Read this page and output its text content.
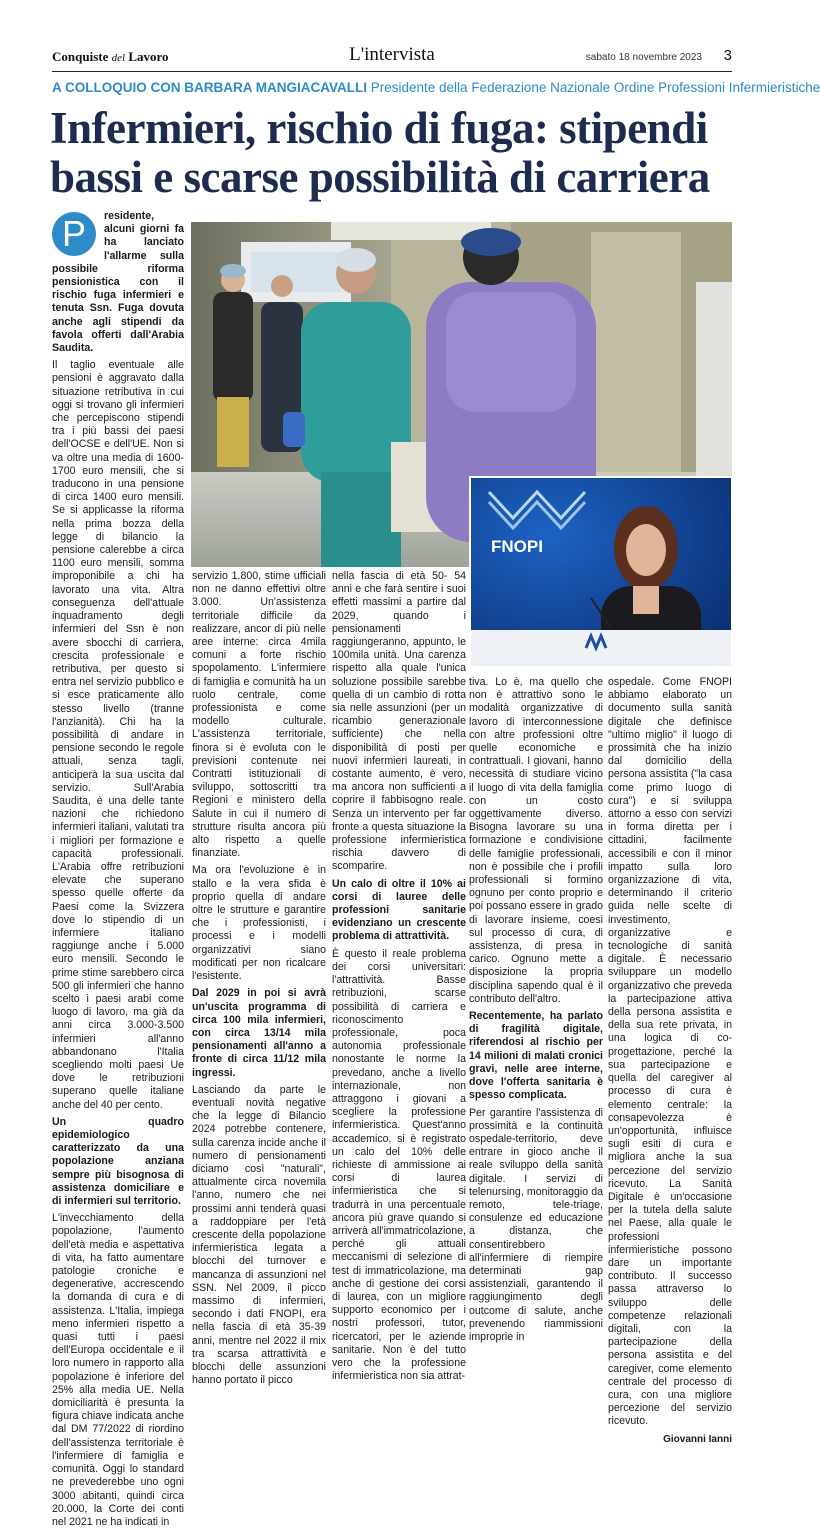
Conquiste del Lavoro	L'intervista	sabato 18 novembre 2023 3
A COLLOQUIO CON BARBARA MANGIACAVALLI Presidente della Federazione Nazionale Ordine Professioni Infermieristiche
Infermieri, rischio di fuga: stipendi
bassi e scarse possibilità di carriera
FNOPI
P	residente, alcuni giorni fa ha lanciato l'allarme sulla possibile riforma pensionistica con il rischio fuga infermieri e tenuta Ssn. Fuga dovuta anche agli stipendi da favola offerti dall'Arabia Saudita.

Il taglio eventuale alle pensioni è aggravato dalla situazione retributiva in cui oggi si trovano gli infermieri che percepiscono stipendi tra i più bassi dei paesi dell'OCSE e dell'UE. Non si va oltre una media di 1600-1700 euro mensili, che si traducono in una pensione di circa 1400 euro mensili. Se si applicasse la riforma nella prima bozza della legge di bilancio la pensione calerebbe a circa 1100 euro mensili, somma improponibile a chi ha lavorato una vita. Altra conseguenza dell'attuale inquadramento degli infermieri del Ssn è non avere sbocchi di carriera, crescita professionale e retributiva, per questo si entra nel servizio pubblico e si esce praticamente allo stesso livello (tranne l'anzianità). Chi ha la possibilità di andare in pensione secondo le regole attuali, senza tagli, anticiperà la sua uscita dal servizio. Sull'Arabia Saudita, è una delle tante nazioni che richiedono infermieri italiani, valutati tra i migliori per formazione e capacità professionali. L'Arabia offre retribuzioni elevate che superano spesso quelle offerte da Paesi come la Svizzera dove lo stipendio di un infermiere italiano raggiunge anche i 5.000 euro mensili. Secondo le prime stime sarebbero circa 500 gli infermieri che hanno scelto i paesi arabi come luogo di lavoro, ma già da anni circa 3.000-3.500 infermieri all'anno abbandonano l'Italia scegliendo molti paesi Ue dove le retribuzioni superano quelle italiane anche del 40 per cento.

Un quadro epidemiologico caratterizzato da una popolazione anziana sempre più bisognosa di assistenza domiciliare e di infermieri sul territorio.

L'invecchiamento della popolazione, l'aumento dell'età media e aspettativa di vita, ha fatto aumentare patologie croniche e degenerative, accrescendo la domanda di cura e di assistenza. L'Italia, impiega meno infermieri rispetto a quasi tutti i paesi dell'Europa occidentale e il loro numero in rapporto alla popolazione è inferiore del 25% alla media UE. Nella domiciliarità è presunta la figura chiave indicata anche dal DM 77/2022 di riordino dell'assistenza territoriale è l'infermiere di famiglia e comunità. Oggi lo standard ne prevederebbe uno ogni 3000 abitanti, quindi circa 20.000, la Corte dei conti nel 2021 ne ha indicati in

servizio 1.800, stime ufficiali non ne danno effettivi oltre 3.000. Un'assistenza territoriale difficile da realizzare, ancor di più nelle aree interne: circa 4mila comuni a forte rischio spopolamento. L'infermiere di famiglia e comunità ha un ruolo centrale, come professionista e come modello culturale. L'assistenza territoriale, finora si è evoluta con le previsioni contenute nei Contratti istituzionali di sviluppo, sottoscritti tra Regioni e ministero della Salute in cui il numero di strutture risulta ancora più alto rispetto a quelle finanziate.

Ma ora l'evoluzione è in stallo e la vera sfida è proprio quella di andare oltre le strutture e garantire che i professionisti, i processi e i modelli organizzativi siano modificati per non ricalcare l'esistente.

Dal 2029 in poi si avrà un'uscita programma di circa 100 mila infermieri, con circa 13/14 mila pensionamenti all'anno a fronte di circa 11/12 mila ingressi.

Lasciando da parte le eventuali novità negative che la legge di Bilancio 2024 potrebbe contenere, sulla carenza incide anche il numero di pensionamenti diciamo così "naturali", attualmente circa novemila l'anno, numero che nei prossimi anni tenderà quasi a raddoppiare per l'età crescente della popolazione infermieristica legata a blocchi del turnover e mancanza di assunzioni nel SSN. Nel 2009, il picco massimo di infermieri, secondo i dati FNOPI, era nella fascia di età 35-39 anni, mentre nel 2022 il mix tra scarsa attrattività e blocchi delle assunzioni hanno portato il picco

nella fascia di età 50- 54 anni e che farà sentire i suoi effetti massimi a partire dal 2029, quando i pensionamenti raggiungeranno, appunto, le 100mila unità. Una carenza rispetto alla quale l'unica soluzione possibile sarebbe quella di un cambio di rotta sia nelle assunzioni (per un ricambio generazionale sufficiente) che nella disponibilità di posti per nuovi infermieri laureati, in costante aumento, è vero, ma ancora non sufficienti a coprire il fabbisogno reale. Senza un intervento per far fronte a questa situazione la professione infermieristica rischia davvero di scomparire.

Un calo di oltre il 10% ai corsi di lauree delle professioni sanitarie evidenziano un crescente problema di attrattività.

È questo il reale problema dei corsi universitari: l'attrattività. Basse retribuzioni, scarse possibilità di carriera e riconoscimento professionale, poca autonomia professionale nonostante le norme la prevedano, anche a livello internazionale, non attraggono i giovani a scegliere la professione infermieristica. Quest'anno accademico, si è registrato un calo del 10% delle richieste di ammissione ai corsi di laurea infermieristica che si tradurrà in una percentuale ancora più grave quando si arriverà all'immatricolazione, perché gli attuali meccanismi di selezione di test di immatricolazione, ma anche di gestione dei corsi di laurea, con un migliore supporto economico per i nostri professori, tutor, ricercatori, per le aziende sanitarie. Non è del tutto vero che la professione infermieristica non sia attrat-

tiva. Lo è, ma quello che non è attrattivo sono le modalità organizzative di lavoro di interconnessione con altre professioni oltre quelle economiche e contrattuali. I giovani, hanno necessità di studiare vicino il luogo di vita della famiglia con un costo oggettivamente diverso. Bisogna lavorare su una formazione e condivisione delle famiglie professionali, non è possibile che i profili professionali si formino ognuno per conto proprio e poi possano essere in grado di lavorare insieme, coesi sul processo di cura, di assistenza, di presa in carico. Ognuno mette a disposizione la propria disciplina sapendo qual è il contributo dell'altro.

Recentemente, ha parlato di fragilità digitale, riferendosi al rischio per 14 milioni di malati cronici gravi, nelle aree interne, dove l'offerta sanitaria è spesso complicata.

Per garantire l'assistenza di prossimità e la continuità ospedale-territorio, deve entrare in gioco anche il reale sviluppo della sanità digitale. I servizi di telenursing, monitoraggio da remoto, tele-triage, consulenze ed educazione a distanza, che consentirebbero all'infermiere di riempire determinati gap assistenziali, garantendo il raggiungimento degli outcome di salute, anche prevenendo riammissioni improprie in

ospedale. Come FNOPI abbiamo elaborato un documento sulla sanità digitale che definisce "ultimo miglio" il luogo di prossimità che ha inizio dal domicilio della persona assistita ("la casa come primo luogo di cura") e si sviluppa attorno a esso con servizi in forma diretta per i cittadini, facilmente accessibili e con il minor impatto sulla loro organizzazione di vita, determinando il criterio guida nelle scelte di investimento, organizzative e tecnologiche di sanità digitale. È necessario sviluppare un modello organizzativo che preveda la partecipazione attiva della persona assistita e della sua rete privata, in una logica di co-progettazione, perché la sua partecipazione e quella del caregiver al processo di cura è elemento centrale: la consapevolezza è un'opportunità, influisce sugli esiti di cura e migliora anche la sua percezione del servizio ricevuto. La Sanità Digitale è un'occasione per la tutela della salute nel Paese, alla quale le professioni infermieristiche possono dare un importante contributo. Il successo passa attraverso lo sviluppo delle competenze relazionali digitali, con la partecipazione della persona assistita e del caregiver, come elemento centrale del processo di cura, con una migliore percezione del servizio ricevuto.

Giovanni Ianni
